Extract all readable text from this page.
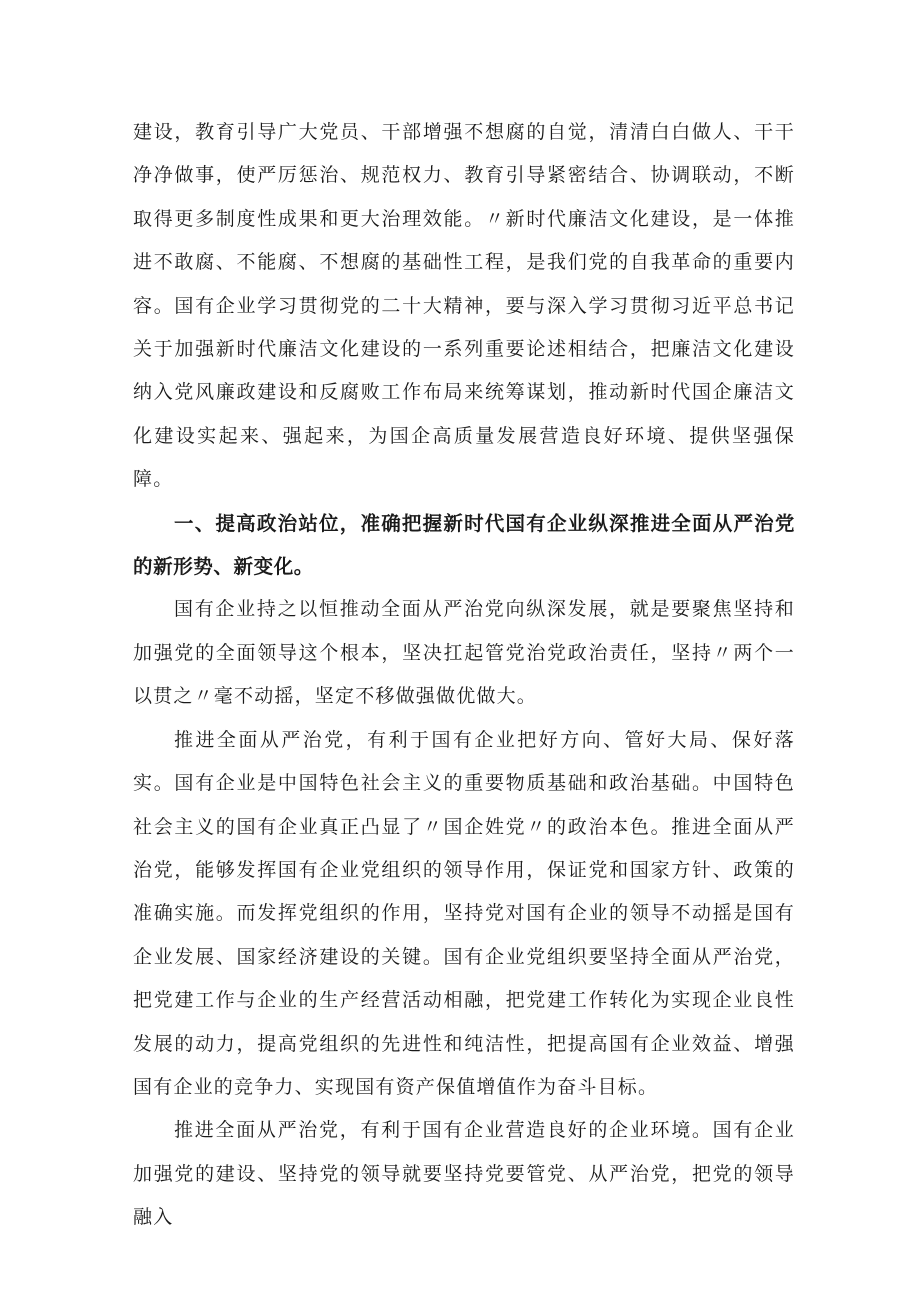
建设，教育引导广大党员、干部增强不想腐的自觉，清清白白做人、干干净净做事，使严厉惩治、规范权力、教育引导紧密结合、协调联动，不断取得更多制度性成果和更大治理效能。〃新时代廉洁文化建设，是一体推进不敢腐、不能腐、不想腐的基础性工程，是我们党的自我革命的重要内容。国有企业学习贯彻党的二十大精神，要与深入学习贯彻习近平总书记关于加强新时代廉洁文化建设的一系列重要论述相结合，把廉洁文化建设纳入党风廉政建设和反腐败工作布局来统筹谋划，推动新时代国企廉洁文化建设实起来、强起来，为国企高质量发展营造良好环境、提供坚强保障。

一、提高政治站位，准确把握新时代国有企业纵深推进全面从严治党的新形势、新变化。

国有企业持之以恒推动全面从严治党向纵深发展，就是要聚焦坚持和加强党的全面领导这个根本，坚决扛起管党治党政治责任，坚持〃两个一以贯之〃毫不动摇，坚定不移做强做优做大。

推进全面从严治党，有利于国有企业把好方向、管好大局、保好落实。国有企业是中国特色社会主义的重要物质基础和政治基础。中国特色社会主义的国有企业真正凸显了〃国企姓党〃的政治本色。推进全面从严治党，能够发挥国有企业党组织的领导作用，保证党和国家方针、政策的准确实施。而发挥党组织的作用，坚持党对国有企业的领导不动摇是国有企业发展、国家经济建设的关键。国有企业党组织要坚持全面从严治党，把党建工作与企业的生产经营活动相融，把党建工作转化为实现企业良性发展的动力，提高党组织的先进性和纯洁性，把提高国有企业效益、增强国有企业的竞争力、实现国有资产保值增值作为奋斗目标。

推进全面从严治党，有利于国有企业营造良好的企业环境。国有企业加强党的建设、坚持党的领导就要坚持党要管党、从严治党，把党的领导融入
